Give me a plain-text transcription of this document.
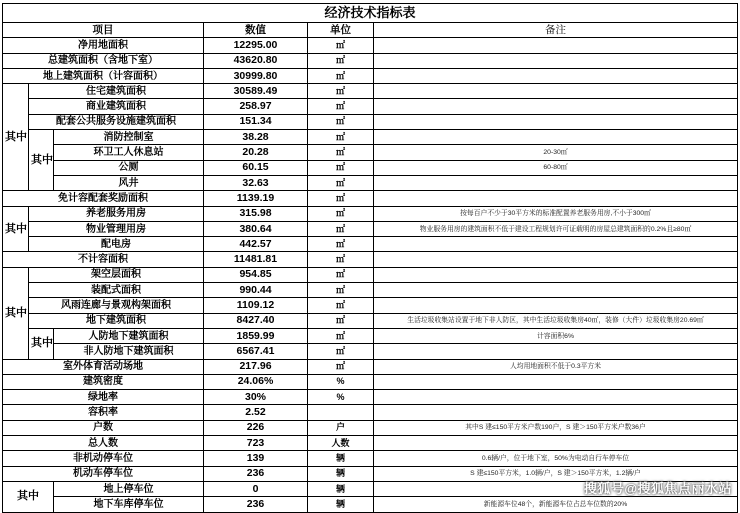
经济技术指标表					
项目			数值	单位	备注
净用地面积			12295.00	㎡	
总建筑面积（含地下室）			43620.80	㎡	
地上建筑面积（计容面积）			30999.80	㎡	
其中	住宅建筑面积		30589.49	㎡	
	商业建筑面积		258.97	㎡	
	配套公共服务设施建筑面积		151.34	㎡	
	其中	消防控制室	38.28	㎡	
		环卫工人休息站	20.28	㎡	20-30㎡
		公厕	60.15	㎡	60-80㎡
		风井	32.63	㎡	
免计容配套奖励面积			1139.19	㎡	
其中	养老服务用房		315.98	㎡	按每百户不少于30平方米的标准配置养老服务用房,不小于300㎡
	物业管理用房		380.64	㎡	物业服务用房的建筑面积不低于建设工程规划许可证载明的房屋总建筑面积的0.2%且≥80㎡
	配电房		442.57	㎡	
不计容面积			11481.81	㎡	
其中	架空层面积		954.85	㎡	
	装配式面积		990.44	㎡	
	风雨连廊与景观构架面积		1109.12	㎡	
	地下建筑面积		8427.40	㎡	生活垃圾收集站设置于地下非人防区，其中生活垃圾收集房40㎡，装修（大件）垃圾收集房20.69㎡
	其中	人防地下建筑面积	1859.99	㎡	计容面积6%
		非人防地下建筑面积	6567.41	㎡	
室外体育活动场地			217.96	㎡	人均用地面积不低于0.3平方米
建筑密度			24.06%	%	
绿地率			30%	%	
容积率			2.52		
户数			226	户	其中S 建≤150平方米户数190户，S 建＞150平方米户数36户
总人数			723	人数	
非机动停车位			139	辆	0.6辆/户，位于地下室，50%为电动自行车停车位
机动车停车位			236	辆	S 建≤150平方米，1.0辆/户，S 建＞150平方米，1.2辆/户
其中		地上停车位	0	辆	
		地下车库停车位	236	辆	新能源车位48个，新能源车位占总车位数的20%
搜狐号@搜狐焦点丽水站
